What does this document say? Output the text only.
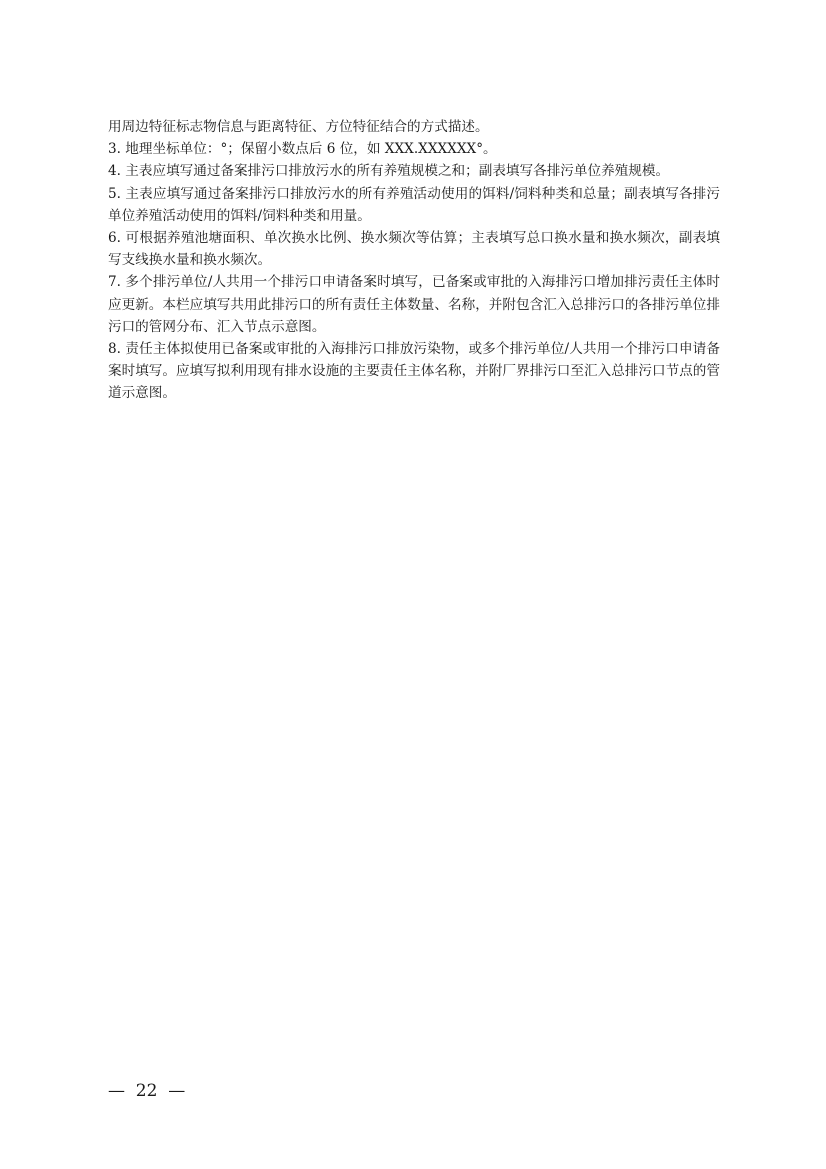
用周边特征标志物信息与距离特征、方位特征结合的方式描述。

3. 地理坐标单位：°；保留小数点后 6 位，如 XXX.XXXXXX°。

4. 主表应填写通过备案排污口排放污水的所有养殖规模之和；副表填写各排污单位养殖规模。

5. 主表应填写通过备案排污口排放污水的所有养殖活动使用的饵料/饲料种类和总量；副表填写各排污单位养殖活动使用的饵料/饲料种类和用量。

6. 可根据养殖池塘面积、单次换水比例、换水频次等估算；主表填写总口换水量和换水频次，副表填写支线换水量和换水频次。

7. 多个排污单位/人共用一个排污口申请备案时填写，已备案或审批的入海排污口增加排污责任主体时应更新。本栏应填写共用此排污口的所有责任主体数量、名称，并附包含汇入总排污口的各排污单位排污口的管网分布、汇入节点示意图。

8. 责任主体拟使用已备案或审批的入海排污口排放污染物，或多个排污单位/人共用一个排污口申请备案时填写。应填写拟利用现有排水设施的主要责任主体名称，并附厂界排污口至汇入总排污口节点的管道示意图。

—  22  —
